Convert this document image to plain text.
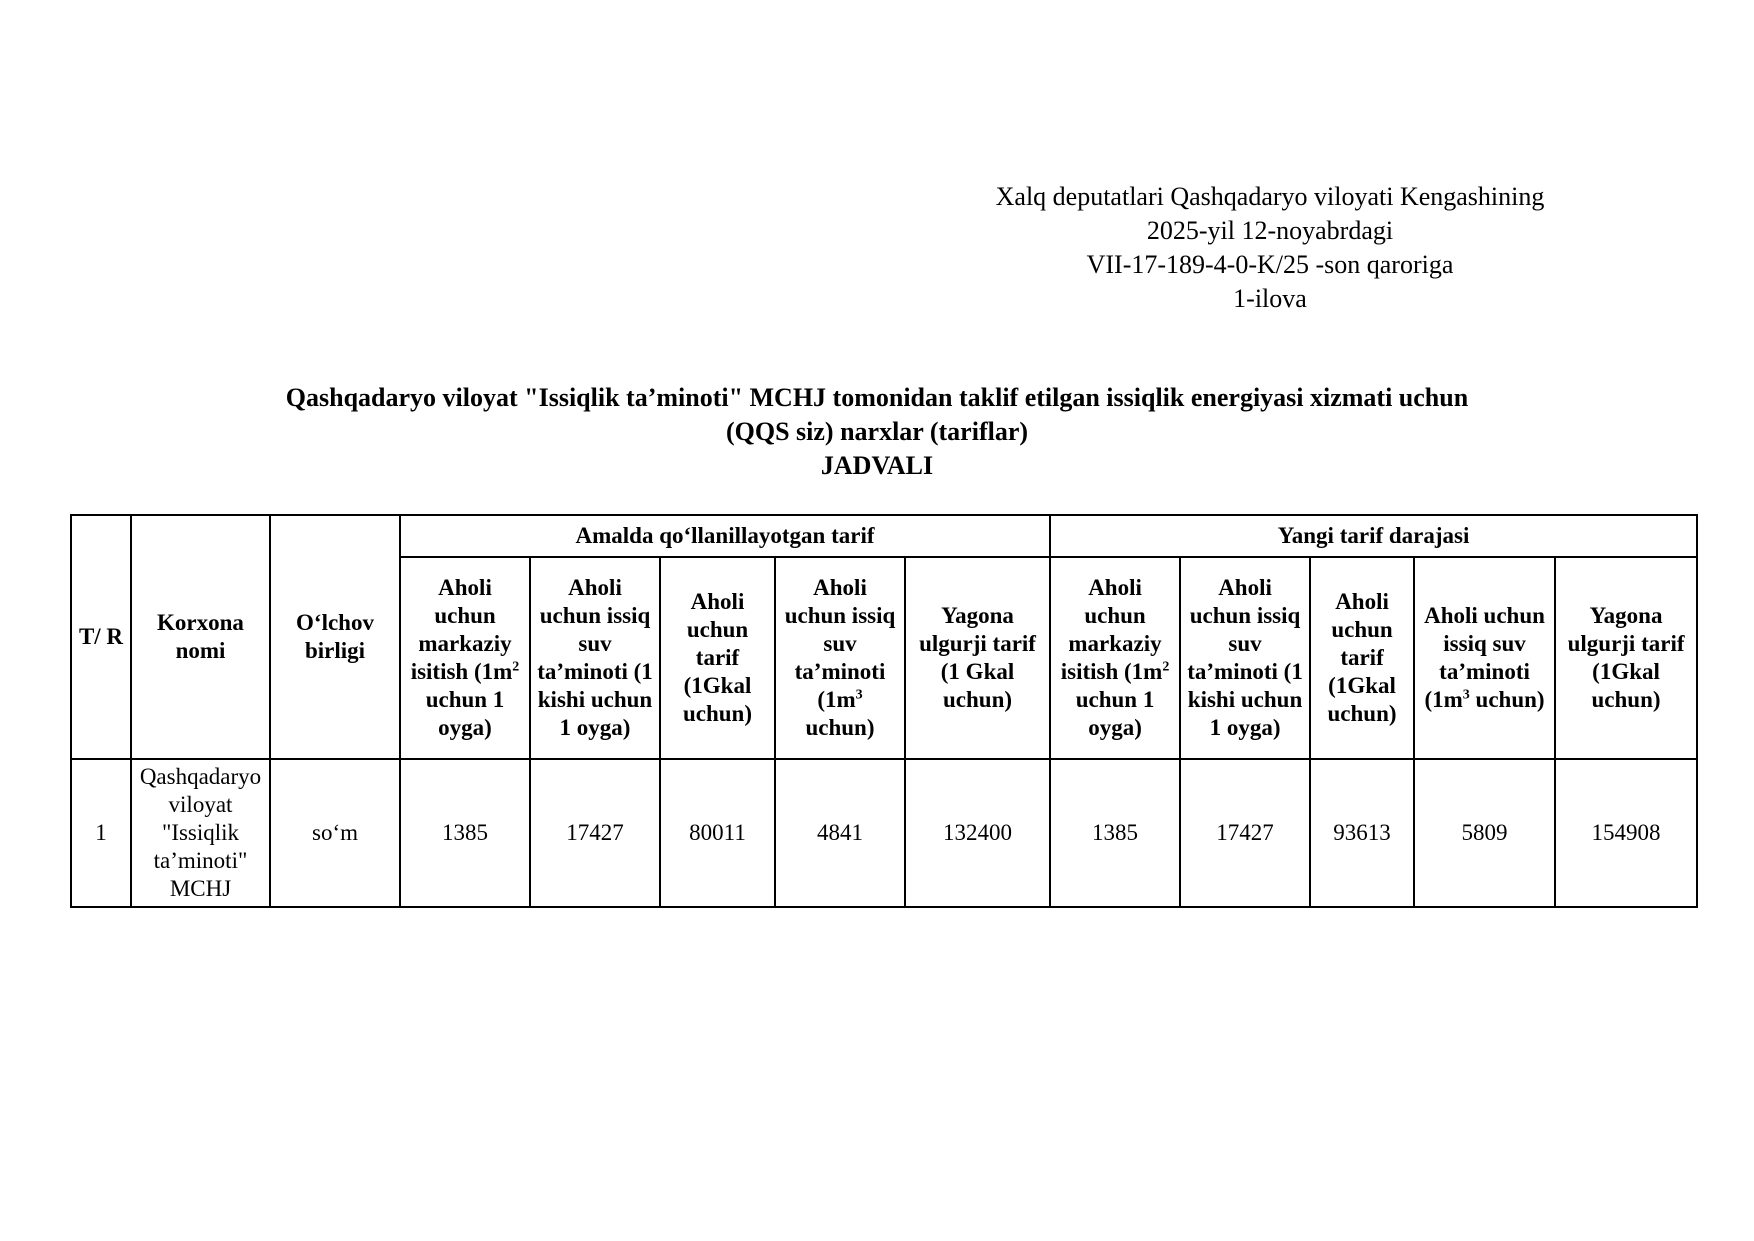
Xalq deputatlari Qashqadaryo viloyati Kengashining
2025-yil 12-noyabrdagi
VII-17-189-4-0-K/25 -son qarorigа
1-ilova
Qashqadaryo viloyat "Issiqlik ta’minoti" MCHJ tomonidan taklif etilgan issiqlik energiyasi xizmati uchun
(QQS siz) narxlar (tariflar)
JADVALI
T/ R	Korxona nomi	O‘lchov birligi	Amalda qoʻllanillayotgan tarif					Yangi tarif darajasi				
			Aholi uchun markaziy isitish ($1m^2$ uchun 1 oyga)	Aholi uchun issiq suv ta’minoti (1 kishi uchun 1 oyga)	Aholi uchun tarif (1Gkal uchun)	Aholi uchun issiq suv ta’minoti ($1m^3$ uchun)	Yagona ulgurji tarif (1 Gkal uchun)	Aholi uchun markaziy isitish ($1m^2$ uchun 1 oyga)	Aholi uchun issiq suv ta’minoti (1 kishi uchun 1 oyga)	Aholi uchun tarif (1Gkal uchun)	Aholi uchun issiq suv ta’minoti ($1m^3$ uchun)	Yagona ulgurji tarif (1Gkal uchun)
1	Qashqadaryo viloyat "Issiqlik ta’minoti" MCHJ	so‘m	1385	17427	80011	4841	132400	1385	17427	93613	5809	154908
